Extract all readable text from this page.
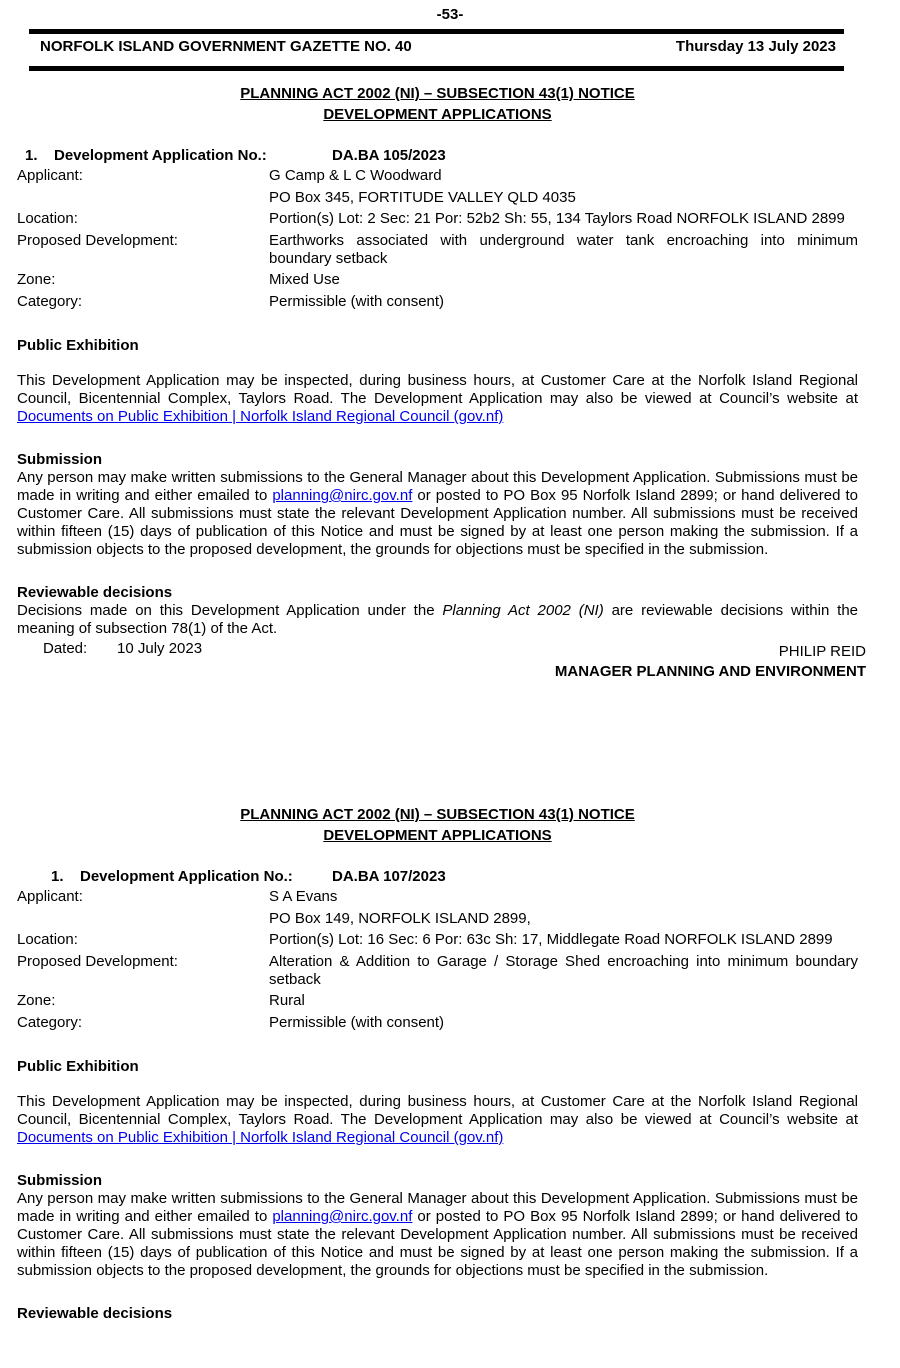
-53-
NORFOLK ISLAND GOVERNMENT GAZETTE NO. 40	Thursday 13 July 2023
PLANNING ACT 2002 (NI) – SUBSECTION 43(1) NOTICE
DEVELOPMENT APPLICATIONS
1. Development Application No.:	DA.BA 105/2023
Applicant:	G Camp & L C Woodward
PO Box 345, FORTITUDE VALLEY QLD 4035
Location:	Portion(s) Lot: 2 Sec: 21 Por: 52b2 Sh: 55, 134 Taylors Road NORFOLK ISLAND 2899
Proposed Development:	Earthworks associated with underground water tank encroaching into minimum boundary setback
Zone:	Mixed Use
Category:	Permissible (with consent)
Public Exhibition
This Development Application may be inspected, during business hours, at Customer Care at the Norfolk Island Regional Council, Bicentennial Complex, Taylors Road. The Development Application may also be viewed at Council’s website at Documents on Public Exhibition | Norfolk Island Regional Council (gov.nf)
Submission
Any person may make written submissions to the General Manager about this Development Application. Submissions must be made in writing and either emailed to planning@nirc.gov.nf or posted to PO Box 95 Norfolk Island 2899; or hand delivered to Customer Care. All submissions must state the relevant Development Application number. All submissions must be received within fifteen (15) days of publication of this Notice and must be signed by at least one person making the submission. If a submission objects to the proposed development, the grounds for objections must be specified in the submission.
Reviewable decisions
Decisions made on this Development Application under the Planning Act 2002 (NI) are reviewable decisions within the meaning of subsection 78(1) of the Act.
Dated: 10 July 2023	PHILIP REID
MANAGER PLANNING AND ENVIRONMENT
PLANNING ACT 2002 (NI) – SUBSECTION 43(1) NOTICE
DEVELOPMENT APPLICATIONS
1. Development Application No.:	DA.BA 107/2023
Applicant:	S A Evans
PO Box 149, NORFOLK ISLAND 2899,
Location:	Portion(s) Lot: 16 Sec: 6 Por: 63c Sh: 17, Middlegate Road NORFOLK ISLAND 2899
Proposed Development:	Alteration & Addition to Garage / Storage Shed encroaching into minimum boundary setback
Zone:	Rural
Category:	Permissible (with consent)
Public Exhibition
This Development Application may be inspected, during business hours, at Customer Care at the Norfolk Island Regional Council, Bicentennial Complex, Taylors Road. The Development Application may also be viewed at Council’s website at Documents on Public Exhibition | Norfolk Island Regional Council (gov.nf)
Submission
Any person may make written submissions to the General Manager about this Development Application. Submissions must be made in writing and either emailed to planning@nirc.gov.nf or posted to PO Box 95 Norfolk Island 2899; or hand delivered to Customer Care. All submissions must state the relevant Development Application number. All submissions must be received within fifteen (15) days of publication of this Notice and must be signed by at least one person making the submission. If a submission objects to the proposed development, the grounds for objections must be specified in the submission.
Reviewable decisions
